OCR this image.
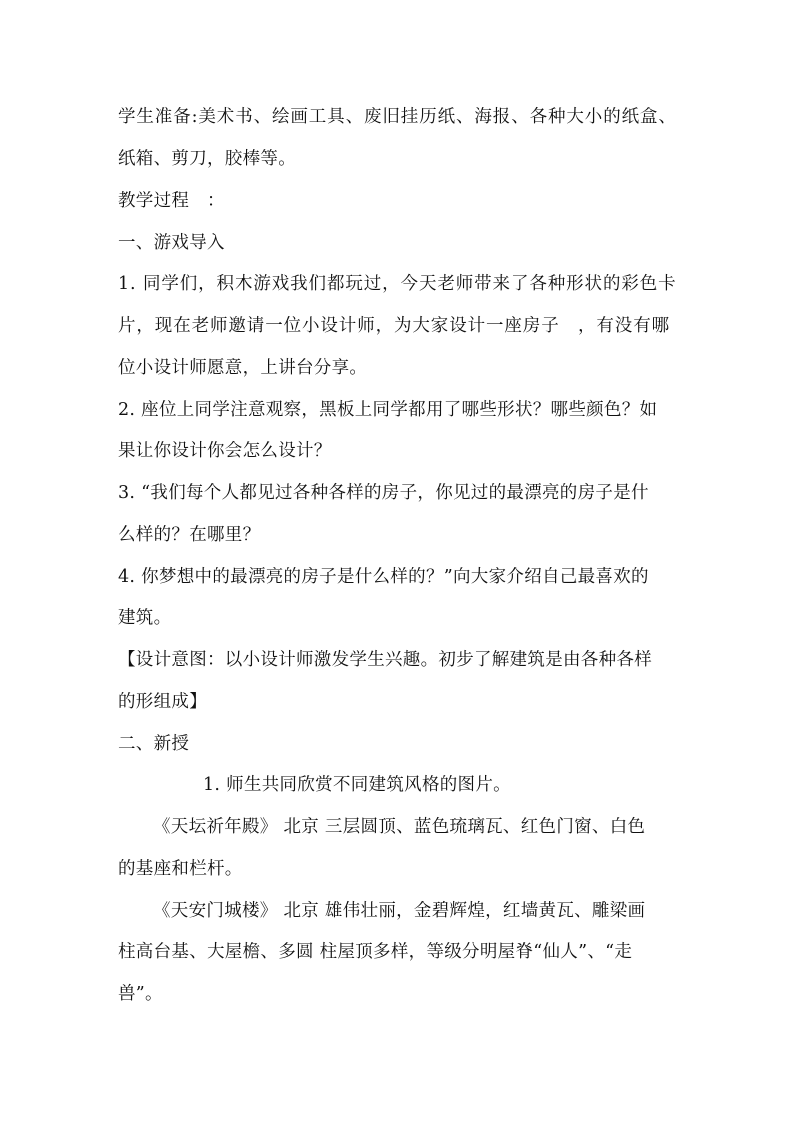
学生准备:美术书、绘画工具、废旧挂历纸、海报、各种大小的纸盒、
纸箱、剪刀，胶棒等。
教学过程　：
一、游戏导入
1. 同学们，积木游戏我们都玩过，今天老师带来了各种形状的彩色卡
片，现在老师邀请一位小设计师，为大家设计一座房子　，有没有哪
位小设计师愿意，上讲台分享。
2. 座位上同学注意观察，黑板上同学都用了哪些形状？哪些颜色？如
果让你设计你会怎么设计？
3. “我们每个人都见过各种各样的房子，你见过的最漂亮的房子是什
么样的？在哪里？
4. 你梦想中的最漂亮的房子是什么样的？”向大家介绍自己最喜欢的
建筑。
【设计意图：以小设计师激发学生兴趣。初步了解建筑是由各种各样
的形组成】
二、新授
1. 师生共同欣赏不同建筑风格的图片。
《天坛祈年殿》 北京 三层圆顶、蓝色琉璃瓦、红色门窗、白色
的基座和栏杆。
《天安门城楼》 北京 雄伟壮丽，金碧辉煌，红墙黄瓦、雕梁画
柱高台基、大屋檐、多圆 柱屋顶多样，等级分明屋脊“仙人”、“走
兽”。
